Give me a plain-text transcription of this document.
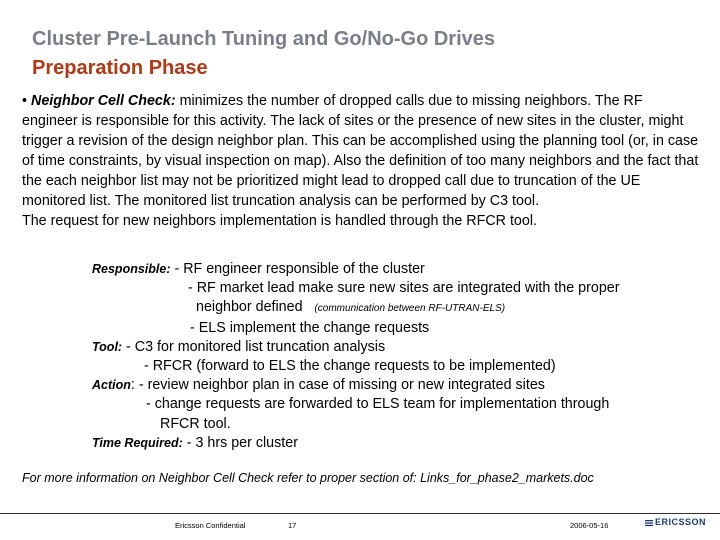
Cluster Pre-Launch Tuning and Go/No-Go Drives
Preparation Phase
• Neighbor Cell Check: minimizes the number of dropped calls due to missing neighbors. The RF engineer is responsible for this activity. The lack of sites or the presence of new sites in the cluster, might trigger a revision of the design neighbor plan. This can be accomplished using the planning tool (or, in case of time constraints, by visual inspection on map). Also the definition of too many neighbors and the fact that the each neighbor list may not be prioritized might lead to dropped call due to truncation of the UE monitored list. The monitored list truncation analysis can be performed by C3 tool.
The request for new neighbors implementation is handled through the RFCR tool.
Responsible: - RF engineer responsible of the cluster
- RF market lead make sure new sites are integrated with the proper
neighbor defined (communication between RF-UTRAN-ELS)
- ELS implement the change requests
Tool: - C3 for monitored list truncation analysis
- RFCR (forward to ELS the change requests to be implemented)
Action: - review neighbor plan in case of missing or new integrated sites
- change requests are forwarded to ELS team for implementation through
RFCR tool.
Time Required: - 3 hrs per cluster
For more information on Neighbor Cell Check refer to proper section of: Links_for_phase2_markets.doc
Ericsson Confidential	17	2006-05-16	ERICSSON
